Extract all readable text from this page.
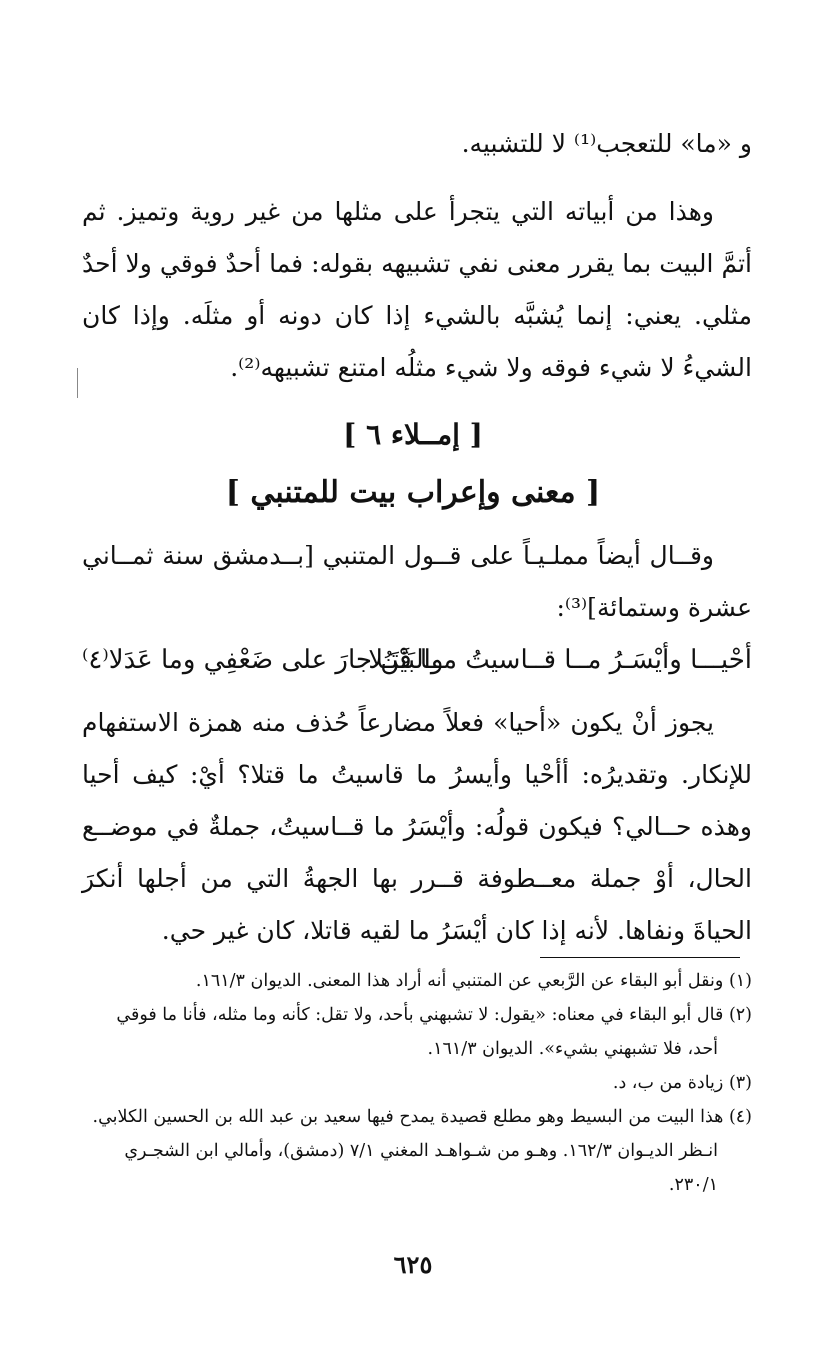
و «ما» للتعجب⁽¹⁾ لا للتشبيه.

وهذا من أبياته التي يتجرأ على مثلها من غير روية وتميز. ثم أتمَّ البيت بما يقرر معنى نفي تشبيهه بقوله: فما أحدٌ فوقي ولا أحدٌ مثلي. يعني: إنما يُشبَّه بالشيء إذا كان دونه أو مثلَه. وإذا كان الشيءُ لا شيء فوقه ولا شيء مثلُه امتنع تشبيهه⁽²⁾.

[ إمــلاء ٦ ]
[ معنى وإعراب بيت للمتنبي ]

وقــال أيضاً مملـيـاً على قــول المتنبي [بــدمشق سنة ثمــاني عشرة وستمائة]⁽³⁾:

أحْيـــا وأيْسَـرُ مــا قــاسيتُ مــا قَتَـلا
والبَيْنُ جارَ على ضَعْفِي وما عَدَلا⁽٤⁾

يجوز أنْ يكون «أحيا» فعلاً مضارعاً حُذف منه همزة الاستفهام للإنكار. وتقديرُه: أأحْيا وأيسرُ ما قاسيتُ ما قتلا؟ أيْ: كيف أحيا وهذه حــالي؟ فيكون قولُه: وأيْسَرُ ما قــاسيتُ، جملةٌ في موضــع الحال، أوْ جملة معــطوفة قــرر بها الجهةُ التي من أجلها أنكرَ الحياةَ ونفاها. لأنه إذا كان أيْسَرُ ما لقيه قاتلا، كان غير حي.

(١) ونقل أبو البقاء عن الرَّبعي عن المتنبي أنه أراد هذا المعنى. الديوان ١٦١/٣.

(٢) قال أبو البقاء في معناه: «يقول: لا تشبهني بأحد، ولا تقل: كأنه وما مثله، فأنا ما فوقي

أحد، فلا تشبهني بشيء». الديوان ١٦١/٣.

(٣) زيادة من ب، د.

(٤) هذا البيت من البسيط وهو مطلع قصيدة يمدح فيها سعيد بن عبد الله بن الحسين الكلابي.

انـظر الديـوان ١٦٢/٣. وهـو من شـواهـد المغني ٧/١ (دمشق)، وأمالي ابن الشجـري ٢٣٠/١.

٦٢٥
